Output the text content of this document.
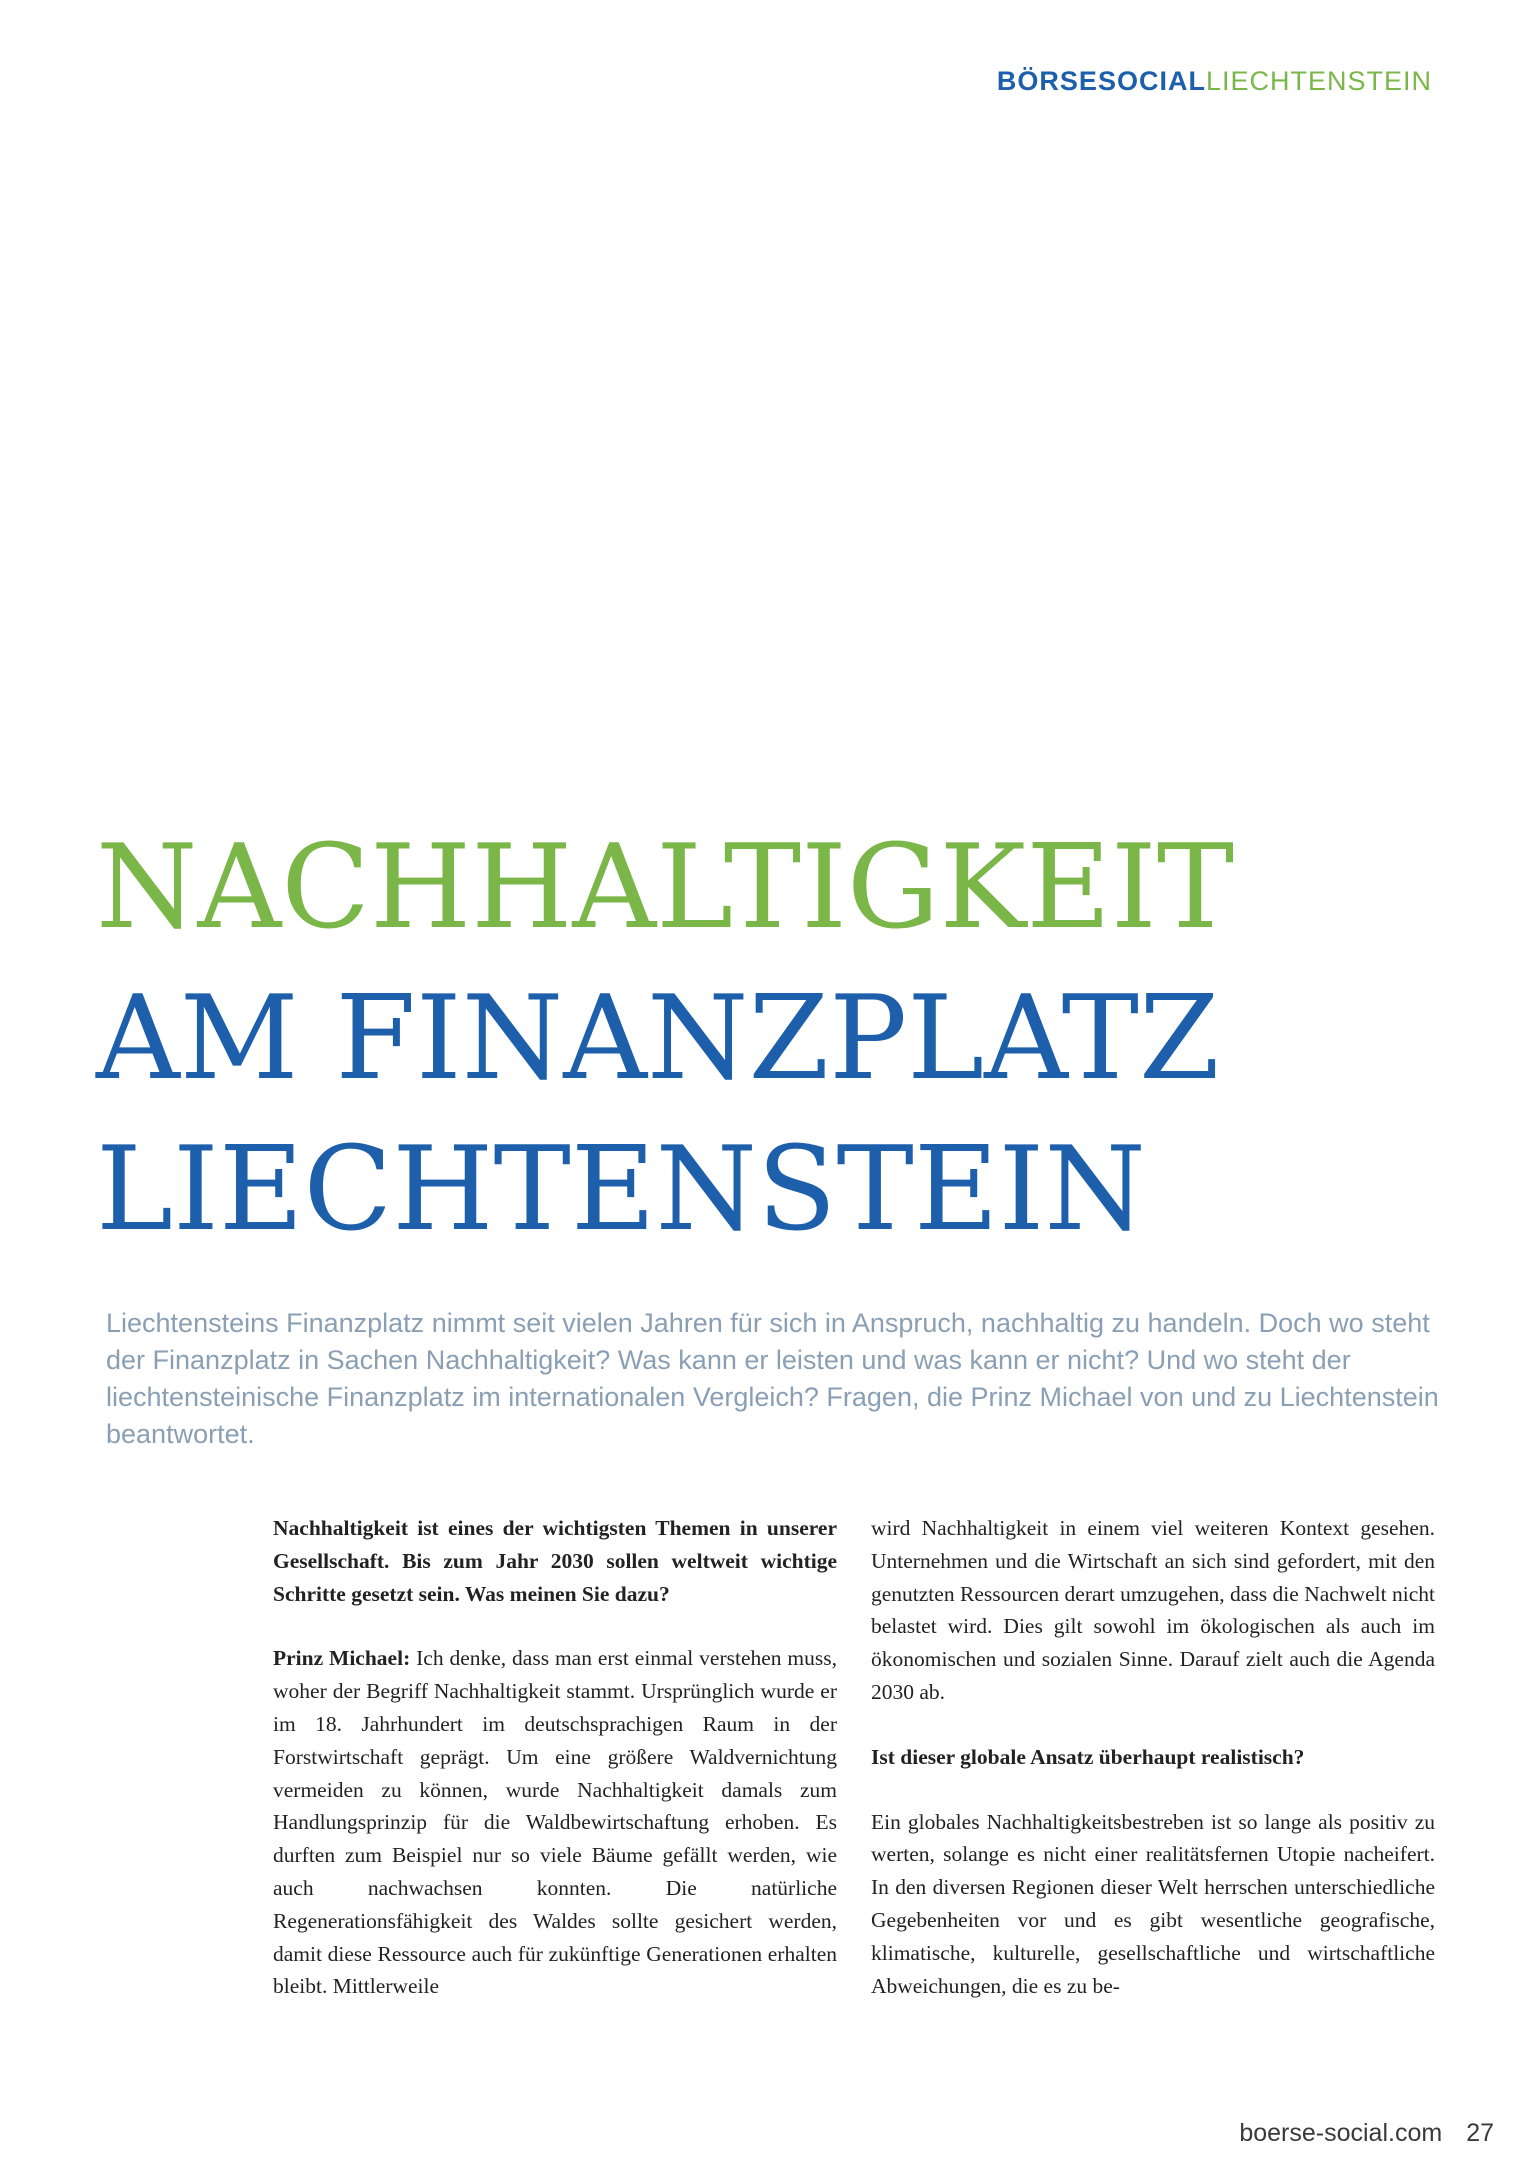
BÖRSESOCIALLIECHTENSTEIN
NACHHALTIGKEIT
AM FINANZPLATZ
LIECHTENSTEIN

Liechtensteins Finanzplatz nimmt seit vielen Jahren für sich in Anspruch, nachhaltig zu handeln. Doch wo steht der Finanzplatz in Sachen Nachhaltigkeit? Was kann er leisten und was kann er nicht? Und wo steht der liechtensteinische Finanzplatz im internationalen Vergleich? Fragen, die Prinz Michael von und zu Liechtenstein beantwortet.

Nachhaltigkeit ist eines der wichtigsten Themen in unserer Gesellschaft. Bis zum Jahr 2030 sollen weltweit wichtige Schritte gesetzt sein. Was meinen Sie dazu?

Prinz Michael: Ich denke, dass man erst einmal verstehen muss, woher der Begriff Nachhaltigkeit stammt. Ursprünglich wurde er im 18. Jahrhundert im deutschsprachigen Raum in der Forstwirtschaft geprägt. Um eine größere Waldvernichtung vermeiden zu können, wurde Nachhaltigkeit damals zum Handlungsprinzip für die Waldbewirtschaftung erhoben. Es durften zum Beispiel nur so viele Bäume gefällt werden, wie auch nachwachsen konnten. Die natürliche Regenerationsfähigkeit des Waldes sollte gesichert werden, damit diese Ressource auch für zukünftige Generationen erhalten bleibt. Mittlerweile

wird Nachhaltigkeit in einem viel weiteren Kontext gesehen. Unternehmen und die Wirtschaft an sich sind gefordert, mit den genutzten Ressourcen derart umzugehen, dass die Nachwelt nicht belastet wird. Dies gilt sowohl im ökologischen als auch im ökonomischen und sozialen Sinne. Darauf zielt auch die Agenda 2030 ab.

Ist dieser globale Ansatz überhaupt realistisch?

Ein globales Nachhaltigkeitsbestreben ist so lange als positiv zu werten, solange es nicht einer realitätsfernen Utopie nacheifert. In den diversen Regionen dieser Welt herrschen unterschiedliche Gegebenheiten vor und es gibt wesentliche geografische, klimatische, kulturelle, gesellschaftliche und wirtschaftliche Abweichungen, die es zu be-

boerse-social.com 27
